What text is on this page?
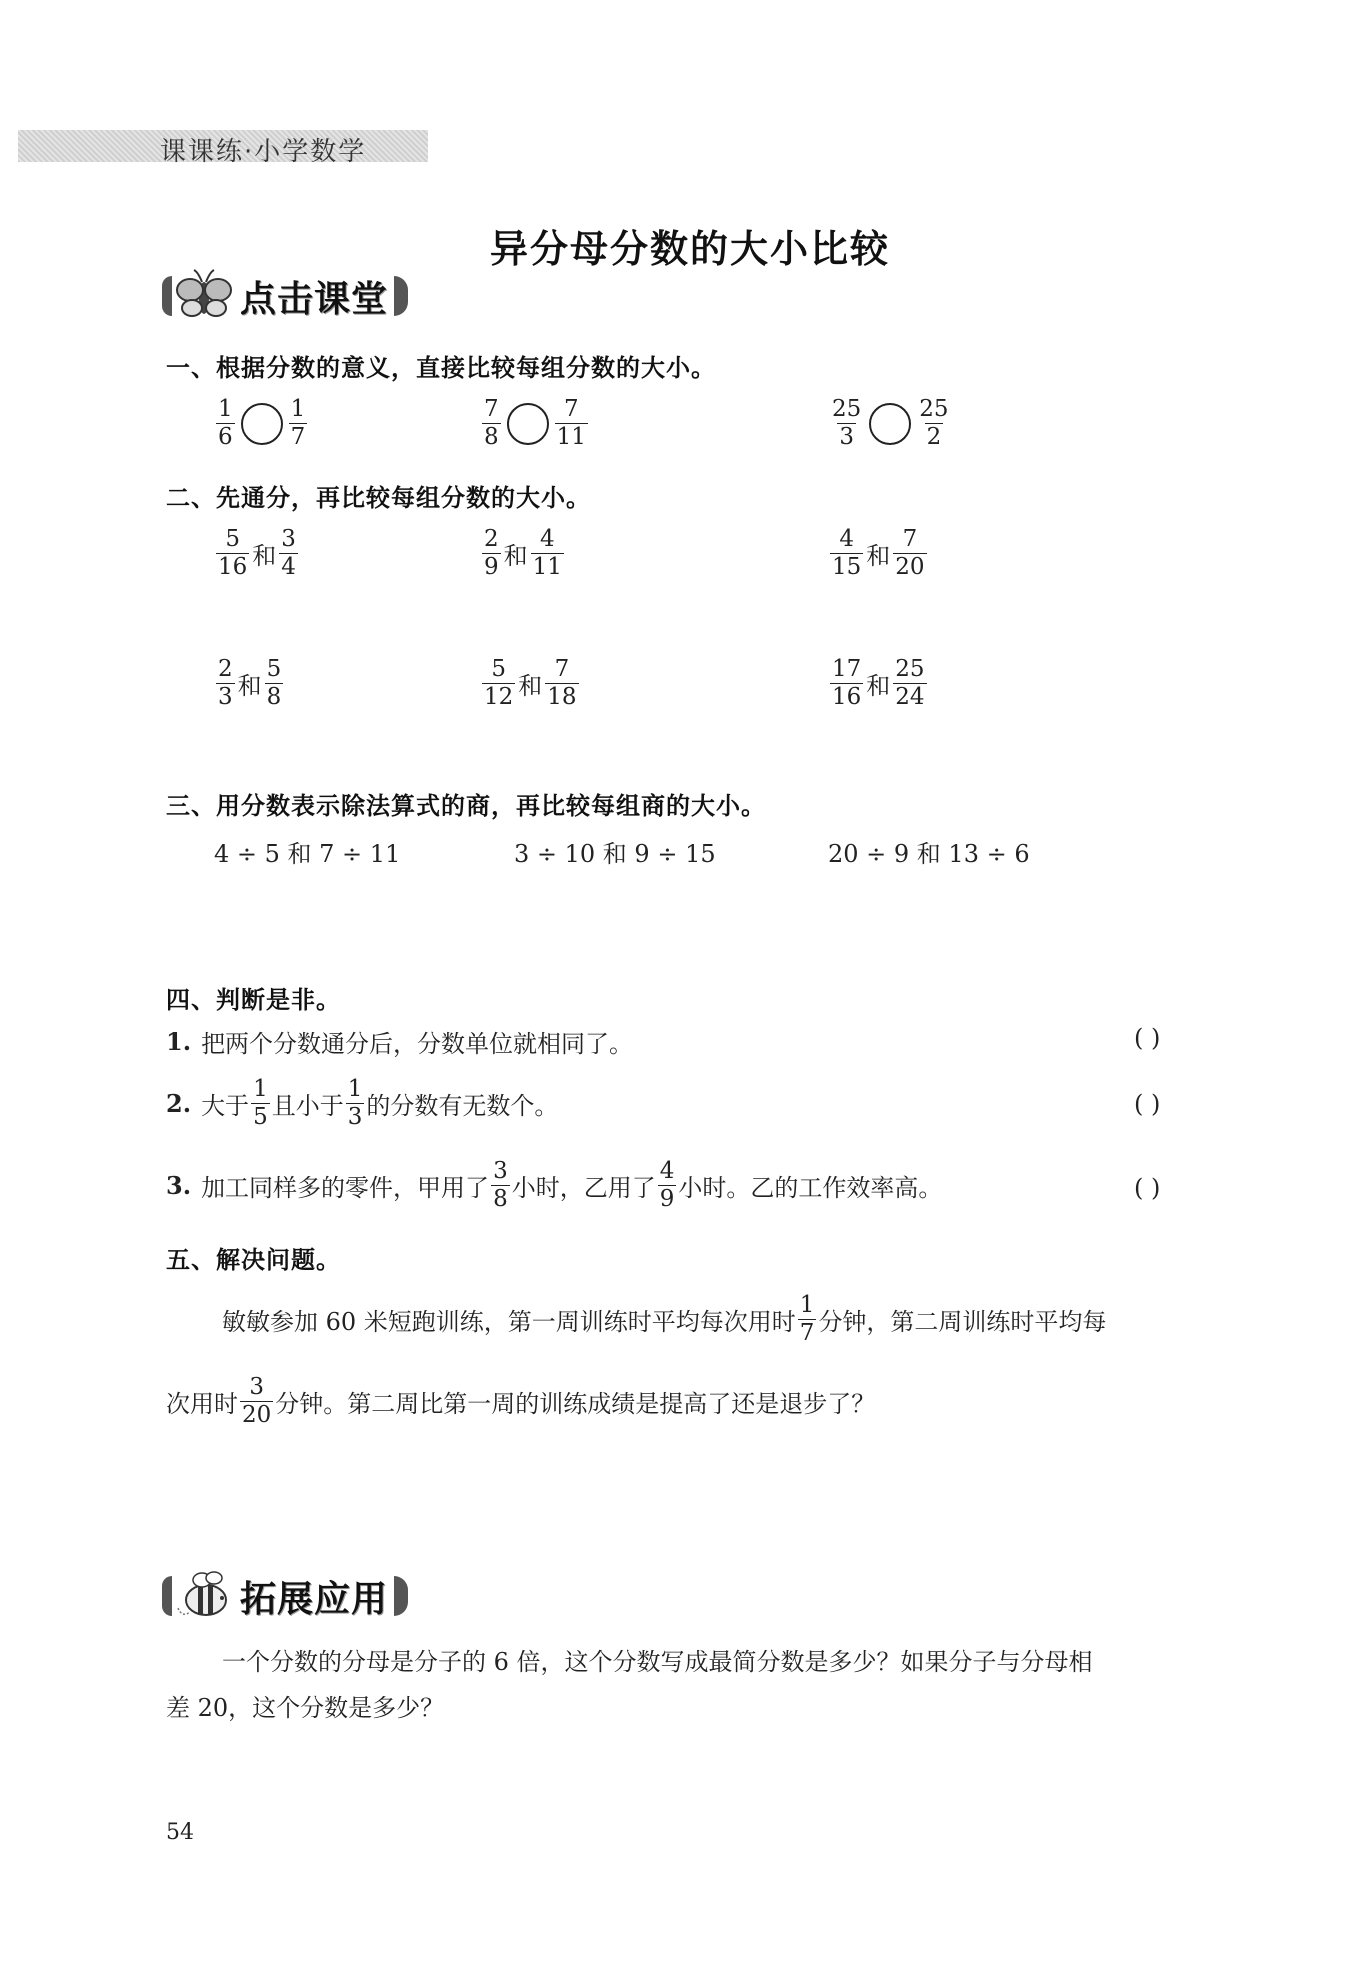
课课练·小学数学
异分母分数的大小比较
点击课堂
一、根据分数的意义，直接比较每组分数的大小。
$\frac{1}{6} \frac{1}{7}$	$\frac{7}{8} \frac{7}{11}$	$\frac{25}{3} \frac{25}{2}$
二、先通分，再比较每组分数的大小。
$\frac{5}{16}$ 和 $\frac{3}{4}$	$\frac{2}{9}$ 和 $\frac{4}{11}$	$\frac{4}{15}$ 和 $\frac{7}{20}$
$\frac{2}{3}$ 和 $\frac{5}{8}$	$\frac{5}{12}$ 和 $\frac{7}{18}$	$\frac{17}{16}$ 和 $\frac{25}{24}$
三、用分数表示除法算式的商，再比较每组商的大小。
4 ÷ 5 和 7 ÷ 11	3 ÷ 10 和 9 ÷ 15	20 ÷ 9 和 13 ÷ 6
四、判断是非。
1. 把两个分数通分后，分数单位就相同了。	( )
2. 大于 $\frac{1}{5}$ 且小于 $\frac{1}{3}$ 的分数有无数个。	( )
3. 加工同样多的零件，甲用了 $\frac{3}{8}$ 小时，乙用了 $\frac{4}{9}$ 小时。乙的工作效率高。	( )
五、解决问题。
敏敏参加 60 米短跑训练，第一周训练时平均每次用时 $\frac{1}{7}$ 分钟，第二周训练时平均每
次用时 $\frac{3}{20}$ 分钟。第二周比第一周的训练成绩是提高了还是退步了？
拓展应用
一个分数的分母是分子的 6 倍，这个分数写成最简分数是多少？如果分子与分母相
差 20，这个分数是多少？
54
